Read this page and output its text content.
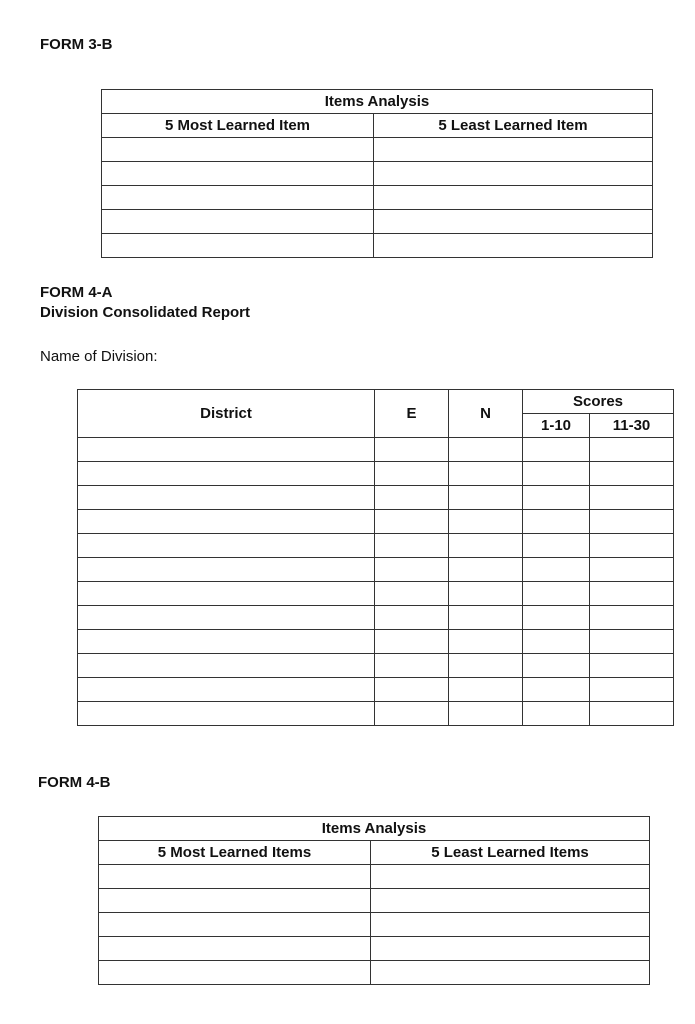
FORM 3-B
Items Analysis	
5 Most Learned Item	5 Least Learned Item

FORM 4-A
Division Consolidated Report
Name of Division:
District	E	N	Scores	
			1-10	11-30

FORM 4-B
Items Analysis	
5 Most Learned Items	5 Least Learned Items
